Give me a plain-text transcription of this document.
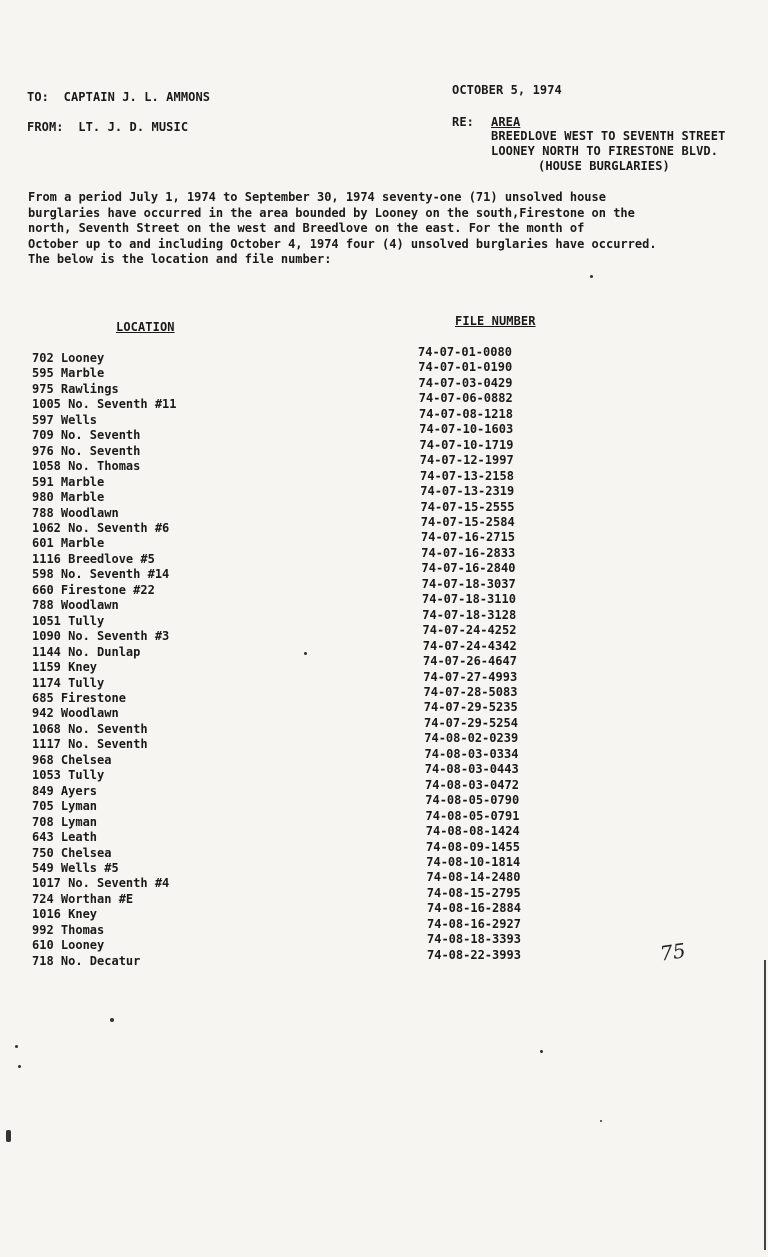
TO: CAPTAIN J. L. AMMONS
FROM: LT. J. D. MUSIC
OCTOBER 5, 1974
RE: AREA
BREEDLOVE WEST TO SEVENTH STREET
LOONEY NORTH TO FIRESTONE BLVD.
(HOUSE BURGLARIES)
From a period July 1, 1974 to September 30, 1974 seventy-one (71) unsolved house
burglaries have occurred in the area bounded by Looney on the south,Firestone on the
north, Seventh Street on the west and Breedlove on the east. For the month of
October up to and including October 4, 1974 four (4) unsolved burglaries have occurred.
The below is the location and file number:
LOCATION	FILE NUMBER
702 Looney
595 Marble
975 Rawlings
1005 No. Seventh #11
597 Wells
709 No. Seventh
976 No. Seventh
1058 No. Thomas
591 Marble
980 Marble
788 Woodlawn
1062 No. Seventh #6
601 Marble
1116 Breedlove #5
598 No. Seventh #14
660 Firestone #22
788 Woodlawn
1051 Tully
1090 No. Seventh #3
1144 No. Dunlap
1159 Kney
1174 Tully
685 Firestone
942 Woodlawn
1068 No. Seventh
1117 No. Seventh
968 Chelsea
1053 Tully
849 Ayers
705 Lyman
708 Lyman
643 Leath
750 Chelsea
549 Wells #5
1017 No. Seventh #4
724 Worthan #E
1016 Kney
992 Thomas
610 Looney
718 No. Decatur
74-07-01-0080
74-07-01-0190
74-07-03-0429
74-07-06-0882
74-07-08-1218
74-07-10-1603
74-07-10-1719
74-07-12-1997
74-07-13-2158
74-07-13-2319
74-07-15-2555
74-07-15-2584
74-07-16-2715
74-07-16-2833
74-07-16-2840
74-07-18-3037
74-07-18-3110
74-07-18-3128
74-07-24-4252
74-07-24-4342
74-07-26-4647
74-07-27-4993
74-07-28-5083
74-07-29-5235
74-07-29-5254
74-08-02-0239
74-08-03-0334
74-08-03-0443
74-08-03-0472
74-08-05-0790
74-08-05-0791
74-08-08-1424
74-08-09-1455
74-08-10-1814
74-08-14-2480
74-08-15-2795
74-08-16-2884
74-08-16-2927
74-08-18-3393
74-08-22-3993	75
